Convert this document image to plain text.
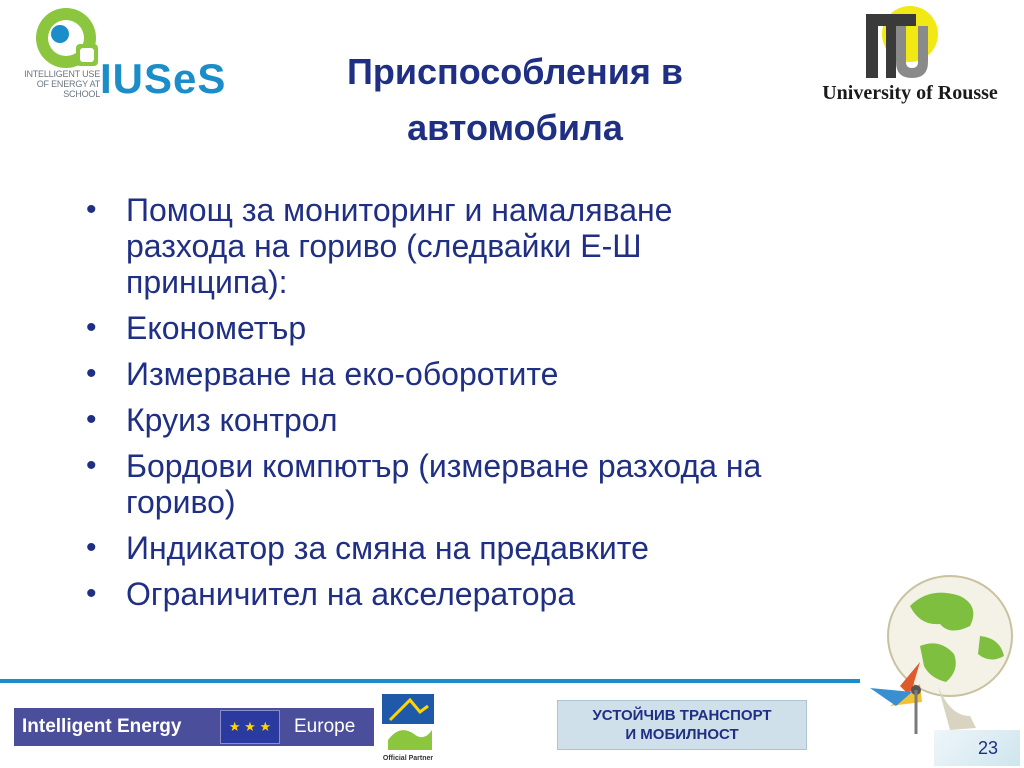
INTELLIGENT USE
OF ENERGY AT SCHOOL IUSeS	Приспособления в
автомобила
University of Rousse
• Помощ за мониторинг и намаляване
разхода на гориво (следвайки Е-Ш
принципа):
• Економетър
• Измерване на еко-оборотите
• Круиз контрол
• Бордови компютър (измерване разхода на
гориво)
• Индикатор за смяна на предавките
• Ограничител на акселератора
Intelligent Energy	★ ★ ★	Europe
Official Partner
УСТОЙЧИВ ТРАНСПОРТ
И МОБИЛНОСТ
23
